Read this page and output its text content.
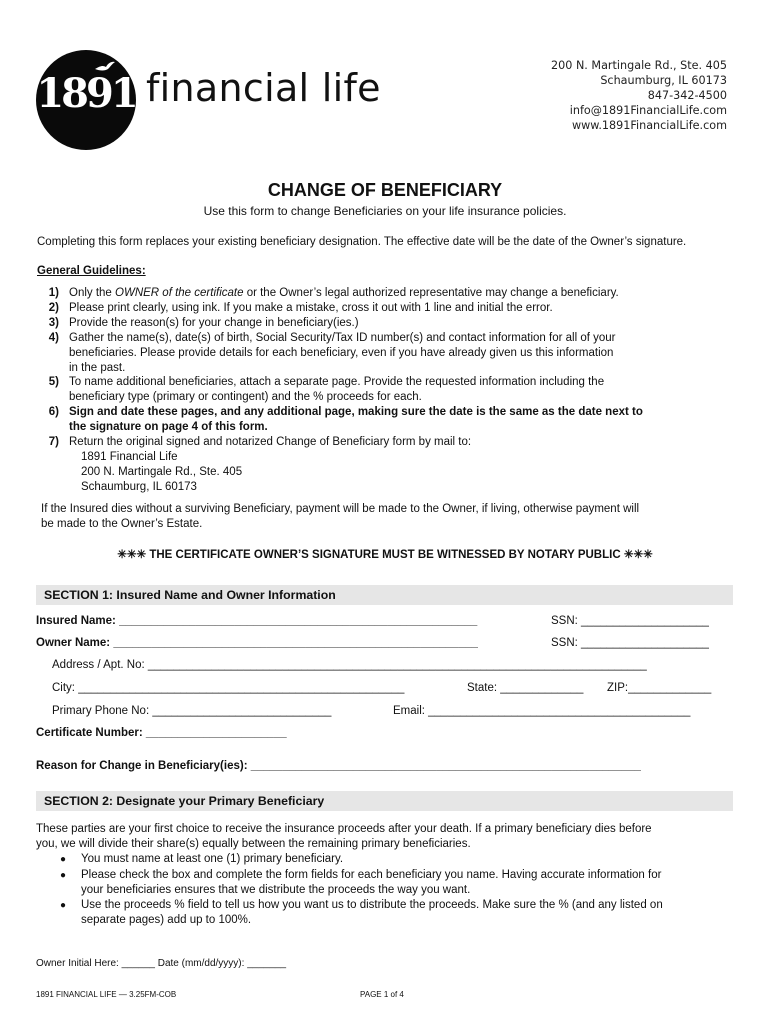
1891 financial life
200 N. Martingale Rd., Ste. 405
Schaumburg, IL 60173
847-342-4500
info@1891FinancialLife.com
www.1891FinancialLife.com
CHANGE OF BENEFICIARY
Use this form to change Beneficiaries on your life insurance policies.
Completing this form replaces your existing beneficiary designation. The effective date will be the date of the Owner’s signature.
General Guidelines:
1) Only the OWNER of the certificate or the Owner’s legal authorized representative may change a beneficiary.
2) Please print clearly, using ink. If you make a mistake, cross it out with 1 line and initial the error.
3) Provide the reason(s) for your change in beneficiary(ies.)
4) Gather the name(s), date(s) of birth, Social Security/Tax ID number(s) and contact information for all of your
beneficiaries. Please provide details for each beneficiary, even if you have already given us this information
in the past.
5) To name additional beneficiaries, attach a separate page. Provide the requested information including the
beneficiary type (primary or contingent) and the % proceeds for each.
6) Sign and date these pages, and any additional page, making sure the date is the same as the date next to
the signature on page 4 of this form.
7) Return the original signed and notarized Change of Beneficiary form by mail to:
1891 Financial Life
200 N. Martingale Rd., Ste. 405
Schaumburg, IL 60173
If the Insured dies without a surviving Beneficiary, payment will be made to the Owner, if living, otherwise payment will
be made to the Owner’s Estate.
✳✳✳ THE CERTIFICATE OWNER’S SIGNATURE MUST BE WITNESSED BY NOTARY PUBLIC ✳✳✳
SECTION 1: Insured Name and Owner Information
Insured Name: ________________________________________________________	SSN: ____________________
Owner Name: _________________________________________________________	SSN: ____________________
Address / Apt. No: ______________________________________________________________________________
City: ___________________________________________________	State: _____________ ZIP:_____________
Primary Phone No: ____________________________	Email: _________________________________________
Certificate Number: ______________________
Reason for Change in Beneficiary(ies): _____________________________________________________________
SECTION 2: Designate your Primary Beneficiary
These parties are your first choice to receive the insurance proceeds after your death. If a primary beneficiary dies before
you, we will divide their share(s) equally between the remaining primary beneficiaries.
● You must name at least one (1) primary beneficiary.
● Please check the box and complete the form fields for each beneficiary you name. Having accurate information for
your beneficiaries ensures that we distribute the proceeds the way you want.
● Use the proceeds % field to tell us how you want us to distribute the proceeds. Make sure the % (and any listed on
separate pages) add up to 100%.
Owner Initial Here: ______ Date (mm/dd/yyyy): _______
1891 FINANCIAL LIFE — 3.25FM-COB	PAGE 1 of 4
